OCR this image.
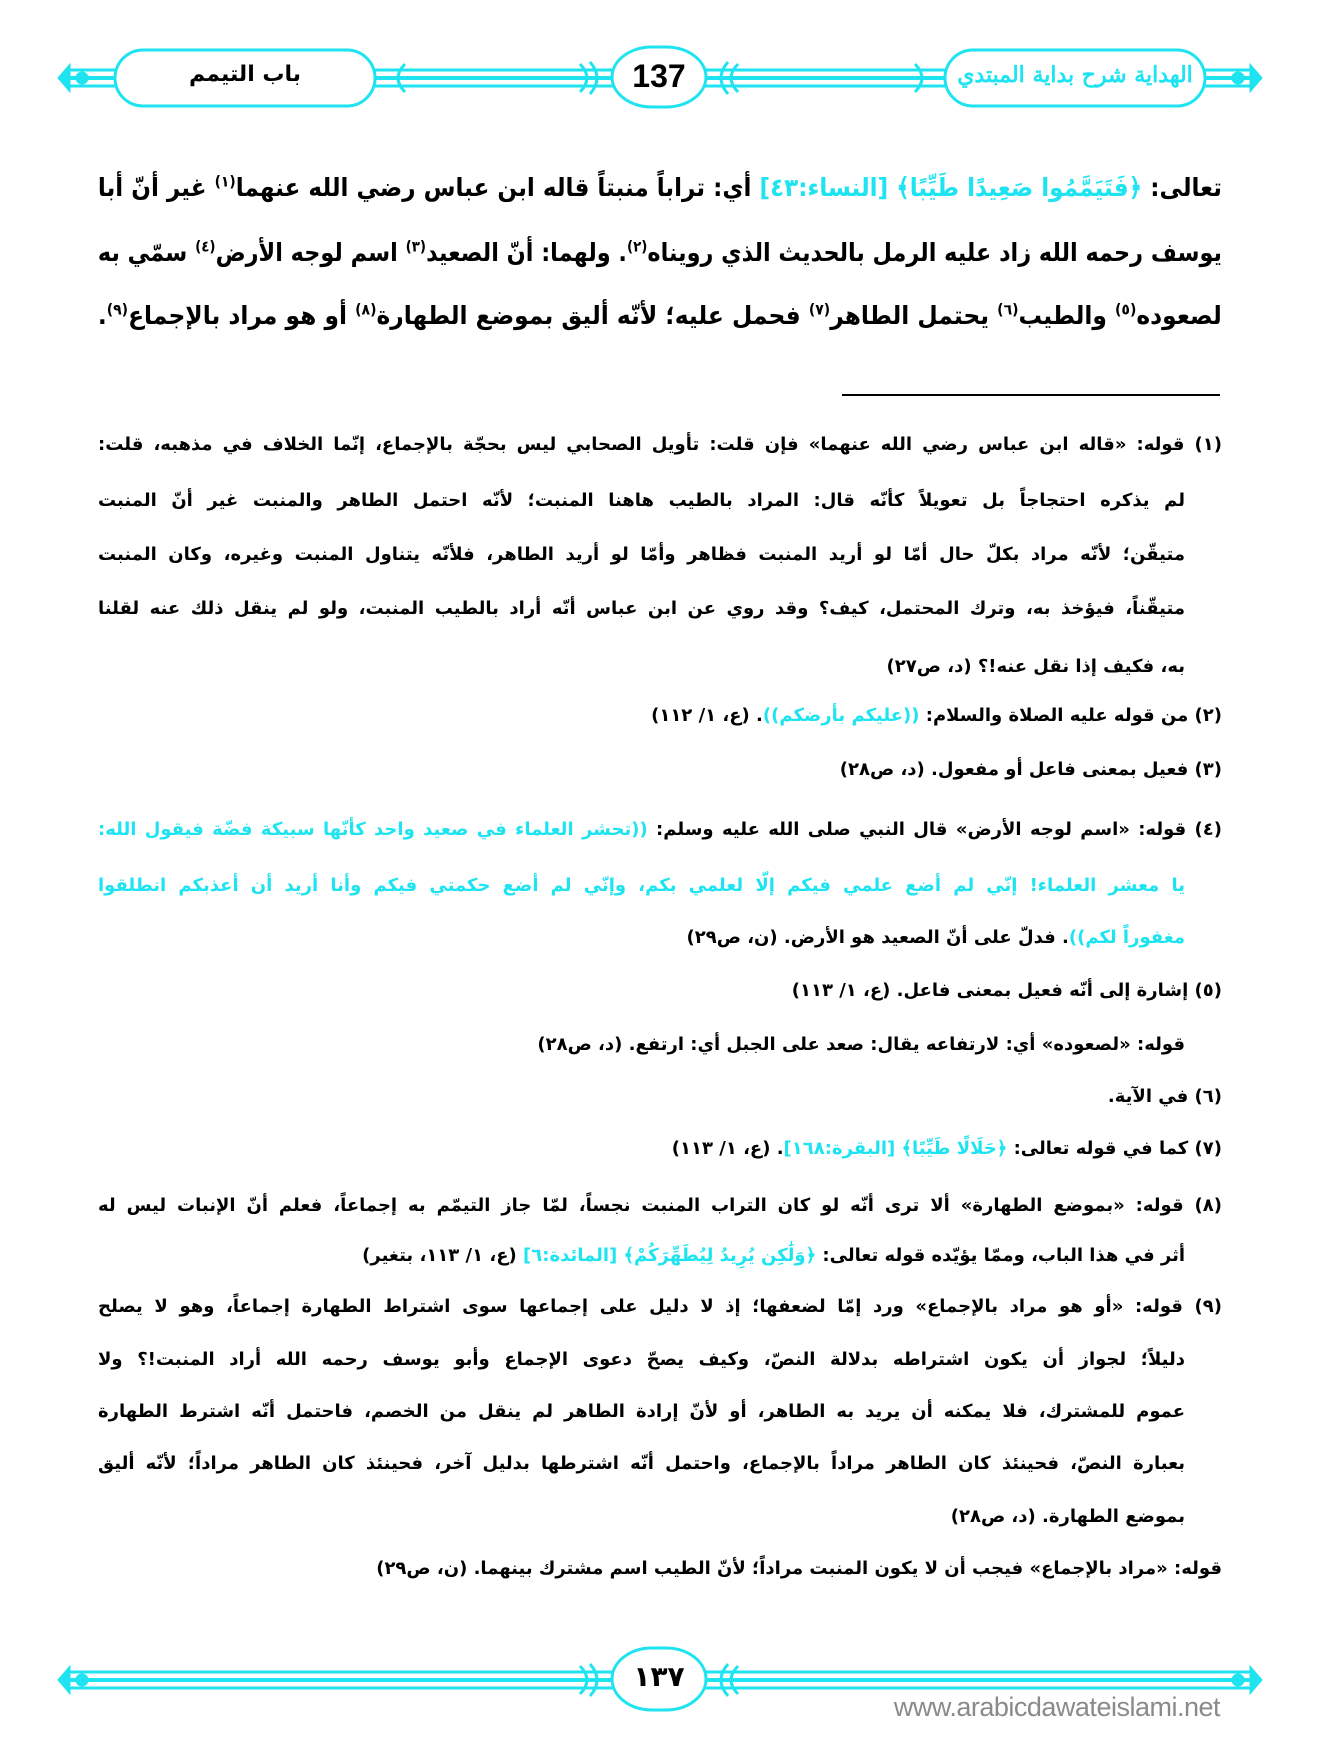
باب التيمم	137	الهداية شرح بداية المبتدي
تعالى: ﴿فَتَيَمَّمُوا صَعِيدًا طَيِّبًا﴾ [النساء:٤٣] أي: تراباً منبتاً قاله ابن عباس رضي الله عنهما$^{(١)}$ غير أنّ أبا
يوسف رحمه الله زاد عليه الرمل بالحديث الذي رويناه$^{(٢)}$. ولهما: أنّ الصعيد$^{(٣)}$ اسم لوجه الأرض$^{(٤)}$ سمّي به
لصعوده$^{(٥)}$ والطيب$^{(٦)}$ يحتمل الطاهر$^{(٧)}$ فحمل عليه؛ لأنّه أليق بموضع الطهارة$^{(٨)}$ أو هو مراد بالإجماع$^{(٩)}$.
(١) قوله: «قاله ابن عباس رضي الله عنهما» فإن قلت: تأويل الصحابي ليس بحجّة بالإجماع، إنّما الخلاف في مذهبه، قلت:
لم يذكره احتجاجاً بل تعويلاً كأنّه قال: المراد بالطيب هاهنا المنبت؛ لأنّه احتمل الطاهر والمنبت غير أنّ المنبت
متيقّن؛ لأنّه مراد بكلّ حال أمّا لو أريد المنبت فظاهر وأمّا لو أريد الطاهر، فلأنّه يتناول المنبت وغيره، وكان المنبت
متيقّناً، فيؤخذ به، وترك المحتمل، كيف؟ وقد روي عن ابن عباس أنّه أراد بالطيب المنبت، ولو لم ينقل ذلك عنه لقلنا
به، فكيف إذا نقل عنه!؟ (د، ص٢٧)
(٢) من قوله عليه الصلاة والسلام: ((عليكم بأرضكم)). (ع، ١/ ١١٢)
(٣) فعيل بمعنى فاعل أو مفعول. (د، ص٢٨)
(٤) قوله: «اسم لوجه الأرض» قال النبي صلى الله عليه وسلم: ((تحشر العلماء في صعيد واحد كأنّها سبيكة فضّة فيقول الله:
يا معشر العلماء! إنّي لم أضع علمي فيكم إلّا لعلمي بكم، وإنّي لم أضع حكمتي فيكم وأنا أريد أن أعذبكم انطلقوا
مغفوراً لكم)). فدلّ على أنّ الصعيد هو الأرض. (ن، ص٢٩)
(٥) إشارة إلى أنّه فعيل بمعنى فاعل. (ع، ١/ ١١٣)
قوله: «لصعوده» أي: لارتفاعه يقال: صعد على الجبل أي: ارتفع. (د، ص٢٨)
(٦) في الآية.
(٧) كما في قوله تعالى: ﴿حَلَالًا طَيِّبًا﴾ [البقرة:١٦٨]. (ع، ١/ ١١٣)
(٨) قوله: «بموضع الطهارة» ألا ترى أنّه لو كان التراب المنبت نجساً، لمّا جاز التيمّم به إجماعاً، فعلم أنّ الإنبات ليس له
أثر في هذا الباب، وممّا يؤيّده قوله تعالى: ﴿وَلَٰكِن يُرِيدُ لِيُطَهِّرَكُمْ﴾ [المائدة:٦] (ع، ١/ ١١٣، بتغير)
(٩) قوله: «أو هو مراد بالإجماع» ورد إمّا لضعفها؛ إذ لا دليل على إجماعها سوى اشتراط الطهارة إجماعاً، وهو لا يصلح
دليلاً؛ لجواز أن يكون اشتراطه بدلالة النصّ، وكيف يصحّ دعوى الإجماع وأبو يوسف رحمه الله أراد المنبت!؟ ولا
عموم للمشترك، فلا يمكنه أن يريد به الطاهر، أو لأنّ إرادة الطاهر لم ينقل من الخصم، فاحتمل أنّه اشترط الطهارة
بعبارة النصّ، فحينئذ كان الطاهر مراداً بالإجماع، واحتمل أنّه اشترطها بدليل آخر، فحينئذ كان الطاهر مراداً؛ لأنّه أليق
بموضع الطهارة. (د، ص٢٨)
قوله: «مراد بالإجماع» فيجب أن لا يكون المنبت مراداً؛ لأنّ الطيب اسم مشترك بينهما. (ن، ص٢٩)
١٣٧
www.arabicdawateislami.net
